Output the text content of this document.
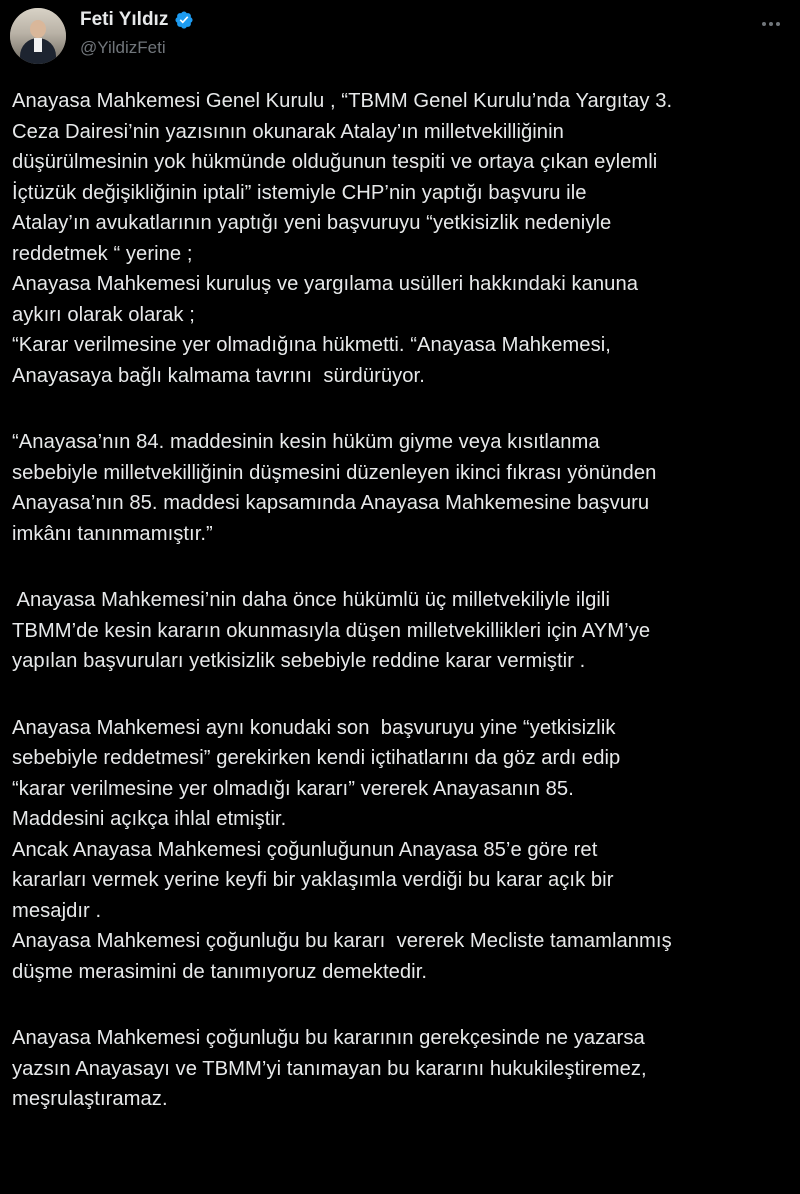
Feti Yıldız
@YildizFeti
Anayasa Mahkemesi Genel Kurulu , “TBMM Genel Kurulu’nda Yargıtay 3.
Ceza Dairesi’nin yazısının okunarak Atalay’ın milletvekilliğinin
düşürülmesinin yok hükmünde olduğunun tespiti ve ortaya çıkan eylemli
İçtüzük değişikliğinin iptali” istemiyle CHP’nin yaptığı başvuru ile
Atalay’ın avukatlarının yaptığı yeni başvuruyu “yetkisizlik nedeniyle
reddetmek “ yerine ;
Anayasa Mahkemesi kuruluş ve yargılama usülleri hakkındaki kanuna
aykırı olarak olarak ;
“Karar verilmesine yer olmadığına hükmetti. “Anayasa Mahkemesi,
Anayasaya bağlı kalmama tavrını  sürdürüyor.
“Anayasa’nın 84. maddesinin kesin hüküm giyme veya kısıtlanma
sebebiyle milletvekilliğinin düşmesini düzenleyen ikinci fıkrası yönünden
Anayasa’nın 85. maddesi kapsamında Anayasa Mahkemesine başvuru
imkânı tanınmamıştır.”
Anayasa Mahkemesi’nin daha önce hükümlü üç milletvekiliyle ilgili
TBMM’de kesin kararın okunmasıyla düşen milletvekillikleri için AYM’ye
yapılan başvuruları yetkisizlik sebebiyle reddine karar vermiştir .
Anayasa Mahkemesi aynı konudaki son  başvuruyu yine “yetkisizlik
sebebiyle reddetmesi” gerekirken kendi içtihatlarını da göz ardı edip
“karar verilmesine yer olmadığı kararı” vererek Anayasanın 85.
Maddesini açıkça ihlal etmiştir.
Ancak Anayasa Mahkemesi çoğunluğunun Anayasa 85’e göre ret
kararları vermek yerine keyfi bir yaklaşımla verdiği bu karar açık bir
mesajdır .
Anayasa Mahkemesi çoğunluğu bu kararı  vererek Mecliste tamamlanmış
düşme merasimini de tanımıyoruz demektedir.
Anayasa Mahkemesi çoğunluğu bu kararının gerekçesinde ne yazarsa
yazsın Anayasayı ve TBMM’yi tanımayan bu kararını hukukileştiremez,
meşrulaştıramaz.
